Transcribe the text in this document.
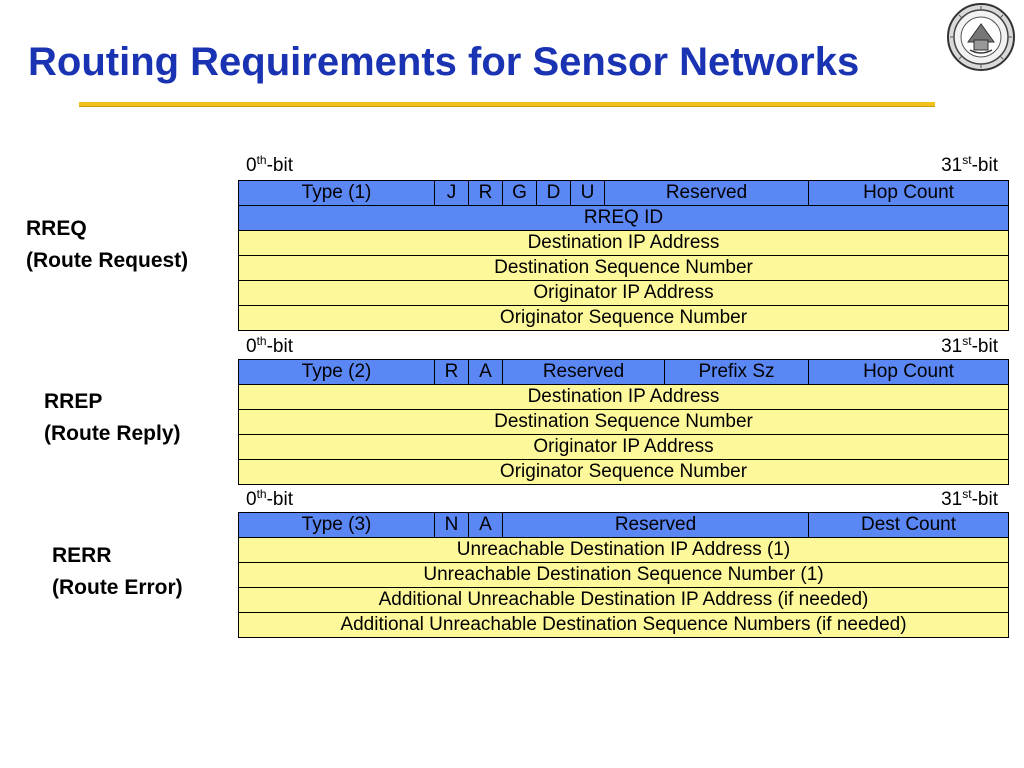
Routing Requirements for Sensor Networks
RREQ
(Route Request)
0th-bit	31st-bit
Type (1)	J	R	G	D	U	Reserved	Hop Count
RREQ ID
Destination IP Address
Destination Sequence Number
Originator IP Address
Originator Sequence Number
RREP
(Route Reply)
0th-bit	31st-bit
Type (2)	R	A	Reserved	Prefix Sz	Hop Count
Destination IP Address
Destination Sequence Number
Originator IP Address
Originator Sequence Number
RERR
(Route Error)
0th-bit	31st-bit
Type (3)	N	A	Reserved	Dest Count
Unreachable Destination IP Address (1)
Unreachable Destination Sequence Number (1)
Additional Unreachable Destination IP Address (if needed)
Additional Unreachable Destination Sequence Numbers (if needed)
